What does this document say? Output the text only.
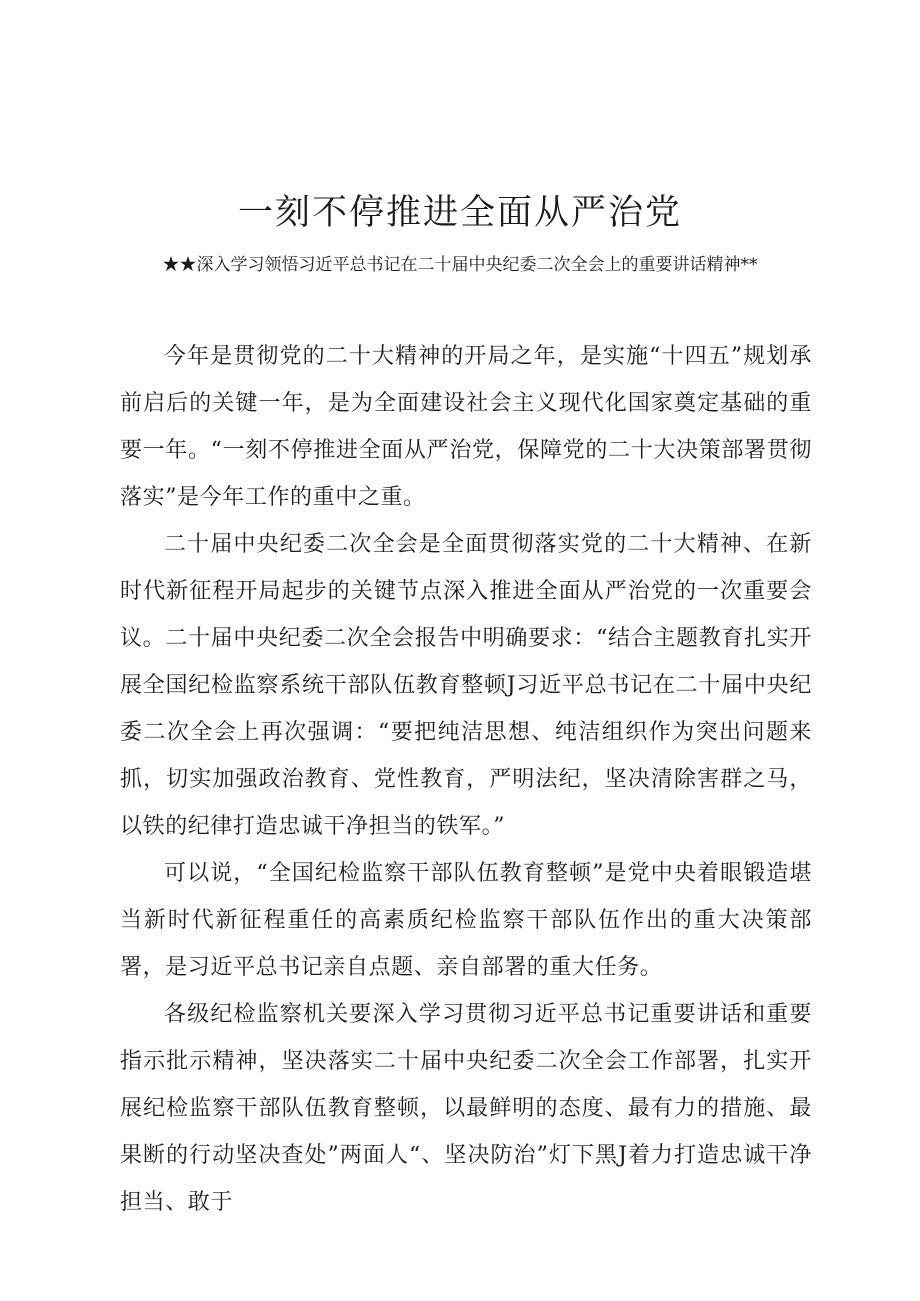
一刻不停推进全面从严治党

★★深入学习领悟习近平总书记在二十届中央纪委二次全会上的重要讲话精神**

今年是贯彻党的二十大精神的开局之年，是实施“十四五”规划承前启后的关键一年，是为全面建设社会主义现代化国家奠定基础的重要一年。“一刻不停推进全面从严治党，保障党的二十大决策部署贯彻落实”是今年工作的重中之重。

二十届中央纪委二次全会是全面贯彻落实党的二十大精神、在新时代新征程开局起步的关键节点深入推进全面从严治党的一次重要会议。二十届中央纪委二次全会报告中明确要求：“结合主题教育扎实开展全国纪检监察系统干部队伍教育整顿J习近平总书记在二十届中央纪委二次全会上再次强调：“要把纯洁思想、纯洁组织作为突出问题来抓，切实加强政治教育、党性教育，严明法纪，坚决清除害群之马，以铁的纪律打造忠诚干净担当的铁军。”

可以说，“全国纪检监察干部队伍教育整顿”是党中央着眼锻造堪当新时代新征程重任的高素质纪检监察干部队伍作出的重大决策部署，是习近平总书记亲自点题、亲自部署的重大任务。

各级纪检监察机关要深入学习贯彻习近平总书记重要讲话和重要指示批示精神，坚决落实二十届中央纪委二次全会工作部署，扎实开展纪检监察干部队伍教育整顿，以最鲜明的态度、最有力的措施、最果断的行动坚决查处”两面人“、坚决防治”灯下黑J着力打造忠诚干净担当、敢于
